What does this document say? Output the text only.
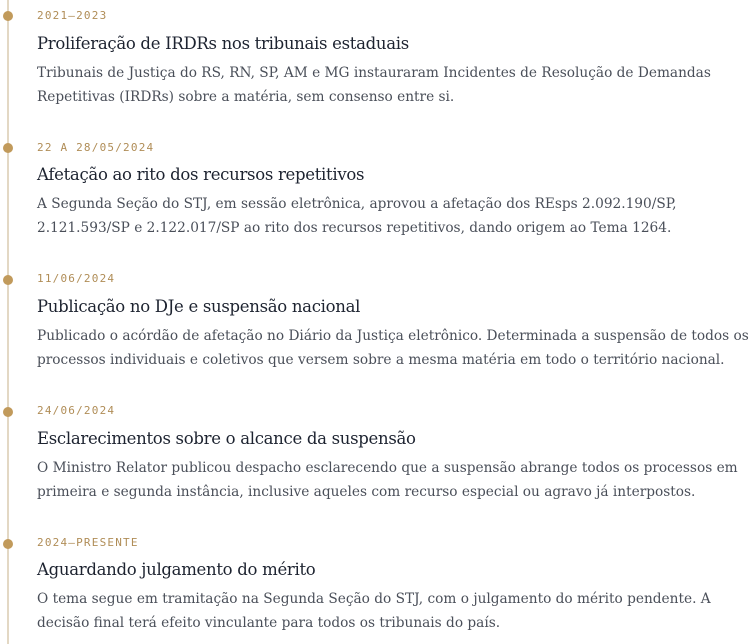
2021–2023
Proliferação de IRDRs nos tribunais estaduais

Tribunais de Justiça do RS, RN, SP, AM e MG instauraram Incidentes de Resolução de Demandas Repetitivas (IRDRs) sobre a matéria, sem consenso entre si.

22 A 28/05/2024
Afetação ao rito dos recursos repetitivos

A Segunda Seção do STJ, em sessão eletrônica, aprovou a afetação dos REsps 2.092.190/SP, 2.121.593/SP e 2.122.017/SP ao rito dos recursos repetitivos, dando origem ao Tema 1264.

11/06/2024
Publicação no DJe e suspensão nacional

Publicado o acórdão de afetação no Diário da Justiça eletrônico. Determinada a suspensão de todos os processos individuais e coletivos que versem sobre a mesma matéria em todo o território nacional.

24/06/2024
Esclarecimentos sobre o alcance da suspensão

O Ministro Relator publicou despacho esclarecendo que a suspensão abrange todos os processos em primeira e segunda instância, inclusive aqueles com recurso especial ou agravo já interpostos.

2024–PRESENTE
Aguardando julgamento do mérito

O tema segue em tramitação na Segunda Seção do STJ, com o julgamento do mérito pendente. A decisão final terá efeito vinculante para todos os tribunais do país.
